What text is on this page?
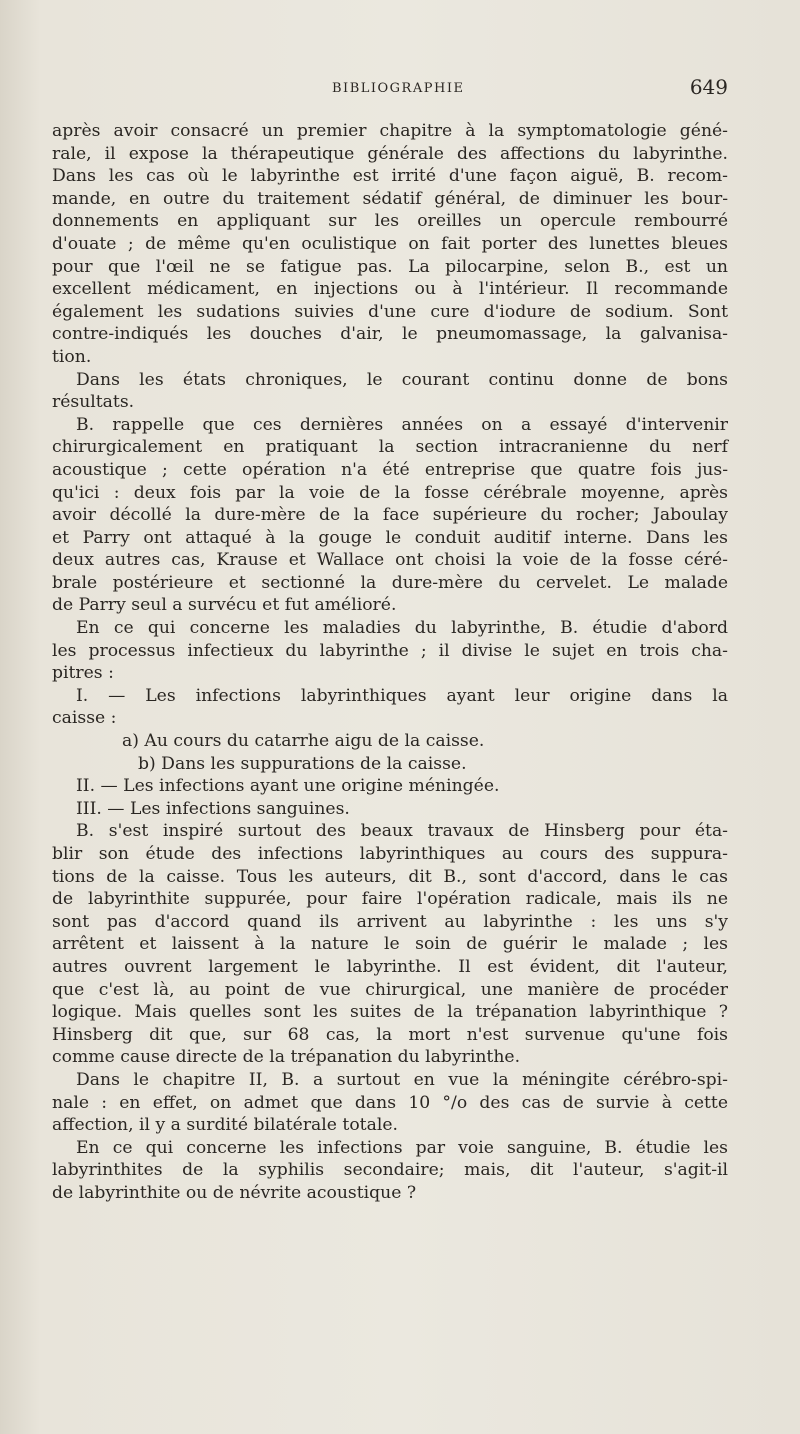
BIBLIOGRAPHIE	649
après avoir consacré un premier chapitre à la symptomatologie géné-
rale, il expose la thérapeutique générale des affections du labyrinthe.
Dans les cas où le labyrinthe est irrité d'une façon aiguë, B. recom-
mande, en outre du traitement sédatif général, de diminuer les bour-
donnements en appliquant sur les oreilles un opercule rembourré
d'ouate ; de même qu'en oculistique on fait porter des lunettes bleues
pour que l'œil ne se fatigue pas. La pilocarpine, selon B., est un
excellent médicament, en injections ou à l'intérieur. Il recommande
également les sudations suivies d'une cure d'iodure de sodium. Sont
contre-indiqués les douches d'air, le pneumomassage, la galvanisa-
tion.
Dans les états chroniques, le courant continu donne de bons
résultats.
B. rappelle que ces dernières années on a essayé d'intervenir
chirurgicalement en pratiquant la section intracranienne du nerf
acoustique ; cette opération n'a été entreprise que quatre fois jus-
qu'ici : deux fois par la voie de la fosse cérébrale moyenne, après
avoir décollé la dure-mère de la face supérieure du rocher; Jaboulay
et Parry ont attaqué à la gouge le conduit auditif interne. Dans les
deux autres cas, Krause et Wallace ont choisi la voie de la fosse céré-
brale postérieure et sectionné la dure-mère du cervelet. Le malade
de Parry seul a survécu et fut amélioré.
En ce qui concerne les maladies du labyrinthe, B. étudie d'abord
les processus infectieux du labyrinthe ; il divise le sujet en trois cha-
pitres :
I. — Les infections labyrinthiques ayant leur origine dans la
caisse :
a) Au cours du catarrhe aigu de la caisse.
b) Dans les suppurations de la caisse.
II. — Les infections ayant une origine méningée.
III. — Les infections sanguines.
B. s'est inspiré surtout des beaux travaux de Hinsberg pour éta-
blir son étude des infections labyrinthiques au cours des suppura-
tions de la caisse. Tous les auteurs, dit B., sont d'accord, dans le cas
de labyrinthite suppurée, pour faire l'opération radicale, mais ils ne
sont pas d'accord quand ils arrivent au labyrinthe : les uns s'y
arrêtent et laissent à la nature le soin de guérir le malade ; les
autres ouvrent largement le labyrinthe. Il est évident, dit l'auteur,
que c'est là, au point de vue chirurgical, une manière de procéder
logique. Mais quelles sont les suites de la trépanation labyrinthique ?
Hinsberg dit que, sur 68 cas, la mort n'est survenue qu'une fois
comme cause directe de la trépanation du labyrinthe.
Dans le chapitre II, B. a surtout en vue la méningite cérébro-spi-
nale : en effet, on admet que dans 10 °/o des cas de survie à cette
affection, il y a surdité bilatérale totale.
En ce qui concerne les infections par voie sanguine, B. étudie les
labyrinthites de la syphilis secondaire; mais, dit l'auteur, s'agit-il
de labyrinthite ou de névrite acoustique ?
